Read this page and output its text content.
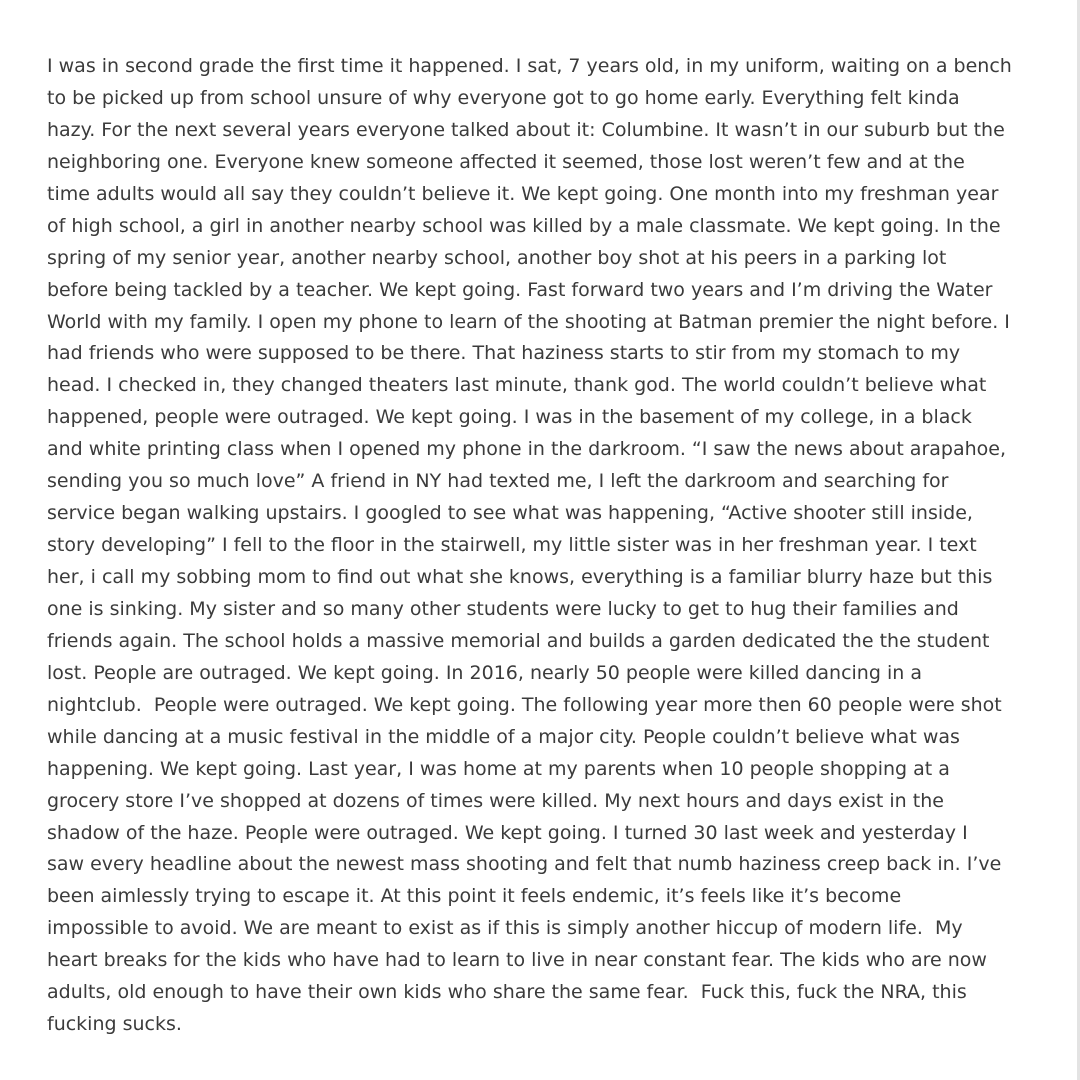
I was in second grade the first time it happened. I sat, 7 years old, in my uniform, waiting on a bench
to be picked up from school unsure of why everyone got to go home early. Everything felt kinda
hazy. For the next several years everyone talked about it: Columbine. It wasn’t in our suburb but the
neighboring one. Everyone knew someone affected it seemed, those lost weren’t few and at the
time adults would all say they couldn’t believe it. We kept going. One month into my freshman year
of high school, a girl in another nearby school was killed by a male classmate. We kept going. In the
spring of my senior year, another nearby school, another boy shot at his peers in a parking lot
before being tackled by a teacher. We kept going. Fast forward two years and I’m driving the Water
World with my family. I open my phone to learn of the shooting at Batman premier the night before. I
had friends who were supposed to be there. That haziness starts to stir from my stomach to my
head. I checked in, they changed theaters last minute, thank god. The world couldn’t believe what
happened, people were outraged. We kept going. I was in the basement of my college, in a black
and white printing class when I opened my phone in the darkroom. “I saw the news about arapahoe,
sending you so much love” A friend in NY had texted me, I left the darkroom and searching for
service began walking upstairs. I googled to see what was happening, “Active shooter still inside,
story developing” I fell to the floor in the stairwell, my little sister was in her freshman year. I text
her, i call my sobbing mom to find out what she knows, everything is a familiar blurry haze but this
one is sinking. My sister and so many other students were lucky to get to hug their families and
friends again. The school holds a massive memorial and builds a garden dedicated the the student
lost. People are outraged. We kept going. In 2016, nearly 50 people were killed dancing in a
nightclub.  People were outraged. We kept going. The following year more then 60 people were shot
while dancing at a music festival in the middle of a major city. People couldn’t believe what was
happening. We kept going. Last year, I was home at my parents when 10 people shopping at a
grocery store I’ve shopped at dozens of times were killed. My next hours and days exist in the
shadow of the haze. People were outraged. We kept going. I turned 30 last week and yesterday I
saw every headline about the newest mass shooting and felt that numb haziness creep back in. I’ve
been aimlessly trying to escape it. At this point it feels endemic, it’s feels like it’s become
impossible to avoid. We are meant to exist as if this is simply another hiccup of modern life.  My
heart breaks for the kids who have had to learn to live in near constant fear. The kids who are now
adults, old enough to have their own kids who share the same fear.  Fuck this, fuck the NRA, this
fucking sucks.
